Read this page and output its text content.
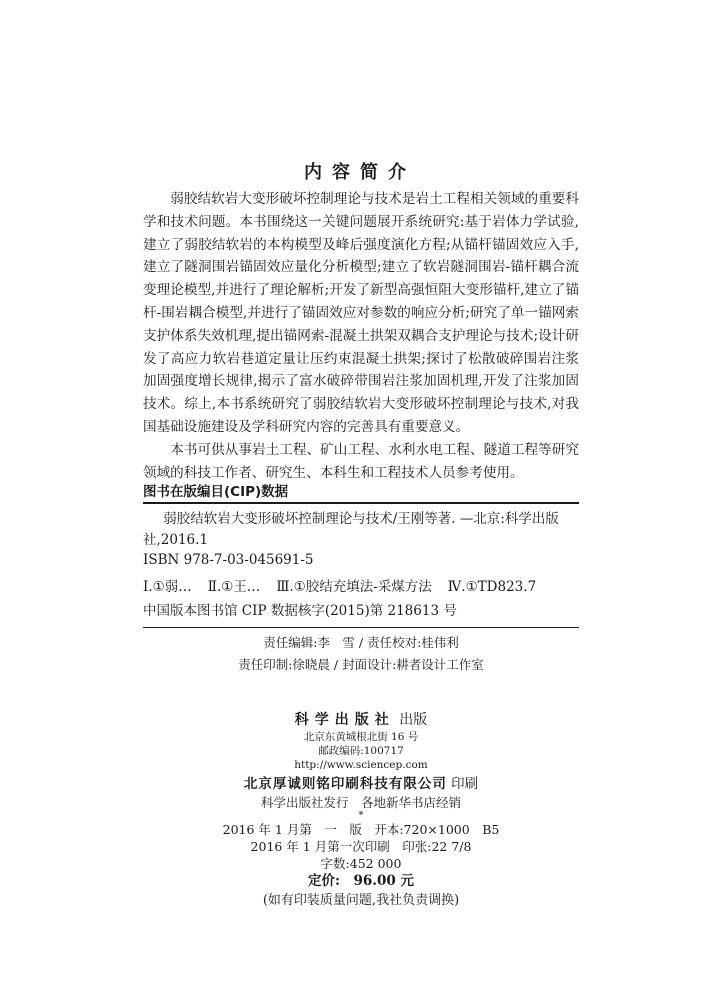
内容简介

弱胶结软岩大变形破坏控制理论与技术是岩土工程相关领域的重要科学和技术问题。本书围绕这一关键问题展开系统研究:基于岩体力学试验,建立了弱胶结软岩的本构模型及峰后强度演化方程;从锚杆锚固效应入手,建立了隧洞围岩锚固效应量化分析模型;建立了软岩隧洞围岩-锚杆耦合流变理论模型,并进行了理论解析;开发了新型高强恒阻大变形锚杆,建立了锚杆-围岩耦合模型,并进行了锚固效应对参数的响应分析;研究了单一锚网索支护体系失效机理,提出锚网索-混凝土拱架双耦合支护理论与技术;设计研发了高应力软岩巷道定量让压约束混凝土拱架;探讨了松散破碎围岩注浆加固强度增长规律,揭示了富水破碎带围岩注浆加固机理,开发了注浆加固技术。综上,本书系统研究了弱胶结软岩大变形破坏控制理论与技术,对我国基础设施建设及学科研究内容的完善具有重要意义。

本书可供从事岩土工程、矿山工程、水利水电工程、隧道工程等研究领域的科技工作者、研究生、本科生和工程技术人员参考使用。

图书在版编目(CIP)数据
弱胶结软岩大变形破坏控制理论与技术/王刚等著. —北京:科学出版社,2016.1
ISBN 978-7-03-045691-5
Ⅰ.①弱… Ⅱ.①王… Ⅲ.①胶结充填法-采煤方法 Ⅳ.①TD823.7
中国版本图书馆 CIP 数据核字(2015)第 218613 号
责任编辑:李　雪 / 责任校对:桂伟利
责任印制:徐晓晨 / 封面设计:耕者设计工作室
科学出版社 出版
北京东黄城根北街 16 号
邮政编码:100717
http://www.sciencep.com
北京厚诚则铭印刷科技有限公司 印刷
科学出版社发行　各地新华书店经销
*
2016 年 1 月第　一　版　开本:720×1000　B5
2016 年 1 月第一次印刷　印张:22 7/8
字数:452 000
定价:　96.00 元
(如有印装质量问题,我社负责调换)
